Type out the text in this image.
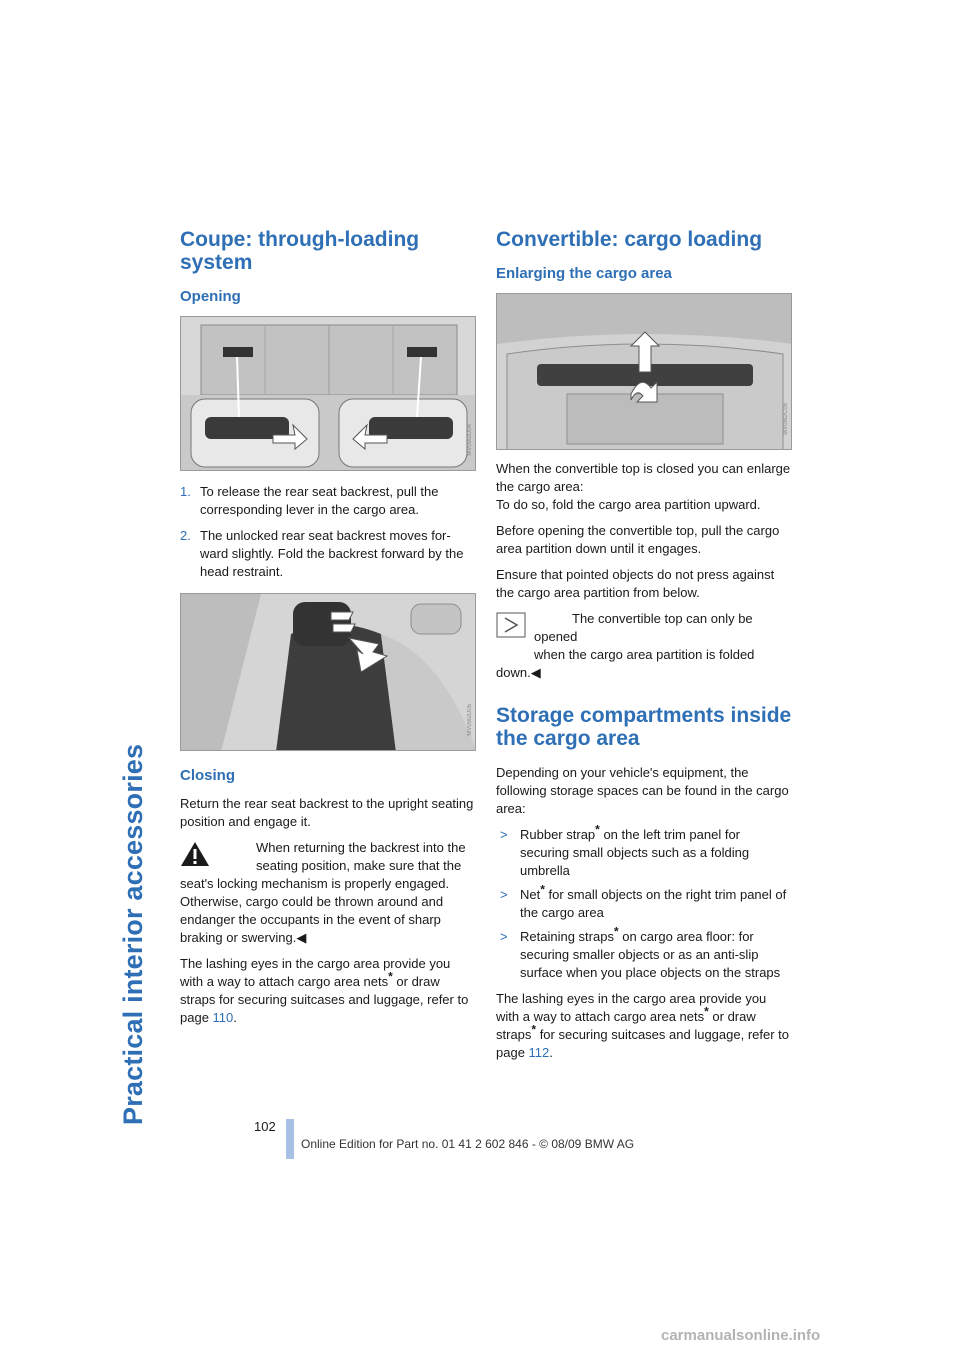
Practical interior accessories
Coupe: through-loading system
Opening
MV09I2D04
1. To release the rear seat backrest, pull the corresponding lever in the cargo area.
2. The unlocked rear seat backrest moves for-ward slightly. Fold the backrest forward by the head restraint.
MV09I2D05
Closing

Return the rear seat backrest to the upright seating position and engage it.

When returning the backrest into the
seating position, make sure that the
seat's locking mechanism is properly engaged. Otherwise, cargo could be thrown around and endanger the occupants in the event of sharp braking or swerving.◀

The lashing eyes in the cargo area provide you with a way to attach cargo area nets* or draw straps for securing suitcases and luggage, refer to page 110.

Convertible: cargo loading
Enlarging the cargo area
MV08I2C05

When the convertible top is closed you can enlarge the cargo area:
To do so, fold the cargo area partition upward.

Before opening the convertible top, pull the cargo area partition down until it engages.

Ensure that pointed objects do not press against the cargo area partition from below.

The convertible top can only be opened
when the cargo area partition is folded
down.◀
Storage compartments inside the cargo area

Depending on your vehicle's equipment, the following storage spaces can be found in the cargo area:

> Rubber strap* on the left trim panel for securing small objects such as a folding umbrella
> Net* for small objects on the right trim panel of the cargo area
> Retaining straps* on cargo area floor: for securing smaller objects or as an anti-slip surface when you place objects on the straps

The lashing eyes in the cargo area provide you with a way to attach cargo area nets* or draw straps* for securing suitcases and luggage, refer to page 112.

102
Online Edition for Part no. 01 41 2 602 846 - © 08/09 BMW AG
carmanualsonline.info
